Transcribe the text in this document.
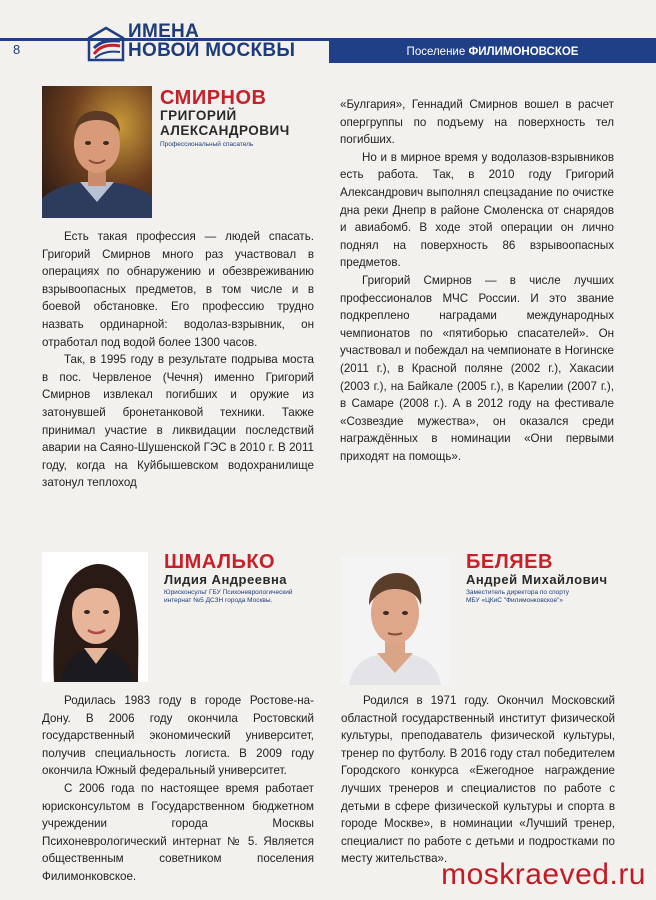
8
ИМЕНА
НОВОЙ МОСКВЫ	Поселение ФИЛИМОНОВСКОЕ
СМИРНОВ
ГРИГОРИЙ
АЛЕКСАНДРОВИЧ
Профессиональный спасатель

Есть такая профессия — людей спасать. Григорий Смирнов много раз участвовал в операциях по обнаружению и обезвреживанию взрывоопасных предметов, в том числе и в боевой обстановке. Его профессию трудно назвать ординарной: водолаз-взрывник, он отработал под водой более 1300 часов.

Так, в 1995 году в результате подрыва моста в пос. Червленое (Чечня) именно Григорий Смирнов извлекал погибших и оружие из затонувшей бронетанковой техники. Также принимал участие в ликвидации последствий аварии на Саяно-Шушенской ГЭС в 2010 г. В 2011 году, когда на Куйбышевском водохранилище затонул теплоход

«Булгария», Геннадий Смирнов вошел в расчет опергруппы по подъему на поверхность тел погибших.

Но и в мирное время у водолазов-взрывников есть работа. Так, в 2010 году Григорий Александрович выполнял спецзадание по очистке дна реки Днепр в районе Смоленска от снарядов и авиабомб. В ходе этой операции он лично поднял на поверхность 86 взрывоопасных предметов.

Григорий Смирнов — в числе лучших профессионалов МЧС России. И это звание подкреплено наградами международных чемпионатов по «пятиборью спасателей». Он участвовал и побеждал на чемпионате в Ногинске (2011 г.), в Красной поляне (2002 г.), Хакасии (2003 г.), на Байкале (2005 г.), в Карелии (2007 г.), в Самаре (2008 г.). А в 2012 году на фестивале «Созвездие мужества», он оказался среди награждённых в номинации «Они первыми приходят на помощь».

ШМАЛЬКО
Лидия Андреевна
Юрисконсульт ГБУ Психоневрологический
интернат №5 ДСЗН города Москвы.

Родилась 1983 году в городе Ростове-на-Дону. В 2006 году окончила Ростовский государственный экономический университет, получив специальность логиста. В 2009 году окончила Южный федеральный университет.

С 2006 года по настоящее время работает юрисконсультом в Государственном бюджетном учреждении города Москвы Психоневрологический интернат № 5. Является общественным советником поселения Филимонковское.

БЕЛЯЕВ
Андрей Михайлович
Заместитель директора по спорту
МБУ «ЦКиС "Филимонковское"»

Родился в 1971 году. Окончил Московский областной государственный институт физической культуры, преподаватель физической культуры, тренер по футболу. В 2016 году стал победителем Городского конкурса «Ежегодное награждение лучших тренеров и специалистов по работе с детьми в сфере физической культуры и спорта в городе Москве», в номинации «Лучший тренер, специалист по работе с детьми и подростками по месту жительства».

moskraeved.ru
